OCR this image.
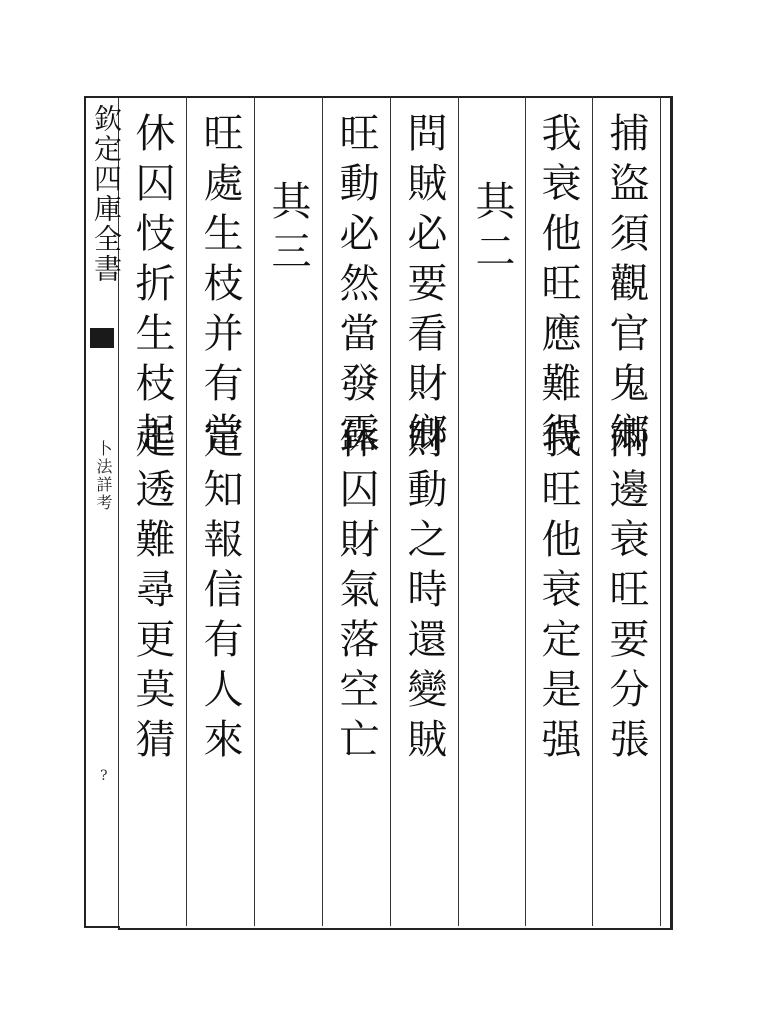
欽定四庫全書
卜法詳考
?
捕盜須觀官鬼鄉
兩邊衰旺要分張
我衰他旺應難得
我旺他衰定是强
其二
問賊必要看財鄉
財動之時還變賊
旺動必然當發露
休囚財氣落空亡
其三
旺處生枝并有當
定知報信有人來
休囚忮折生枝起
走透難尋更莫猜
